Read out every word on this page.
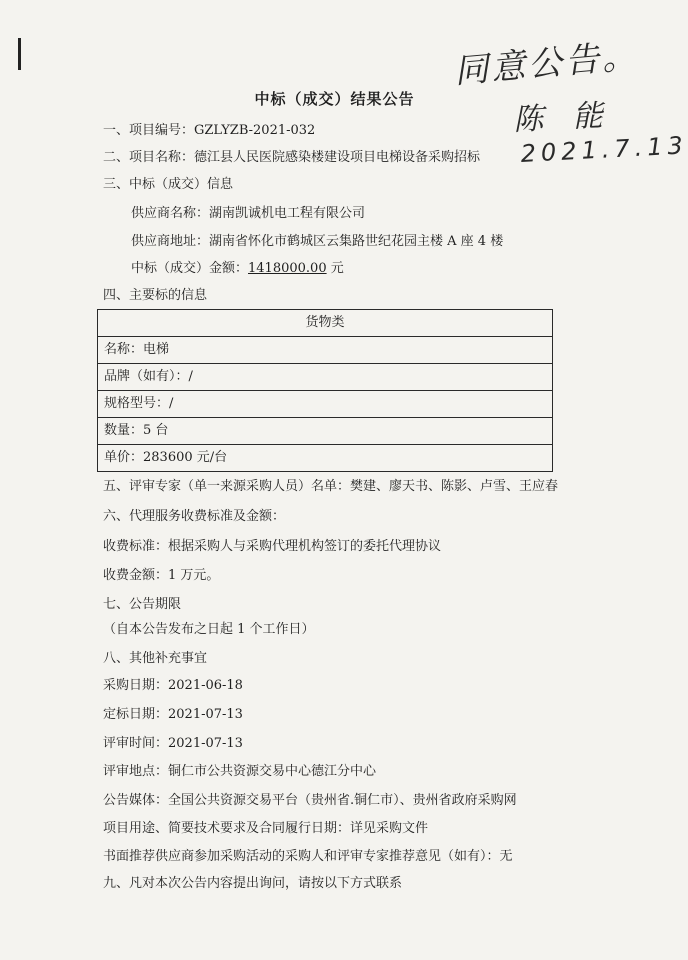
同意公告。
陈 能
2021.7.13
中标（成交）结果公告
一、项目编号：GZLYZB-2021-032
二、项目名称：德江县人民医院感染楼建设项目电梯设备采购招标
三、中标（成交）信息
供应商名称：湖南凯诚机电工程有限公司
供应商地址：湖南省怀化市鹤城区云集路世纪花园主楼 A 座 4 楼
中标（成交）金额：1418000.00 元
四、主要标的信息
货物类
名称：电梯
品牌（如有）：/
规格型号：/
数量：5 台
单价：283600 元/台
五、评审专家（单一来源采购人员）名单：樊建、廖天书、陈影、卢雪、王应春
六、代理服务收费标准及金额：
收费标准：根据采购人与采购代理机构签订的委托代理协议
收费金额：1 万元。
七、公告期限
（自本公告发布之日起 1 个工作日）
八、其他补充事宜
采购日期：2021-06-18
定标日期：2021-07-13
评审时间：2021-07-13
评审地点：铜仁市公共资源交易中心德江分中心
公告媒体：全国公共资源交易平台（贵州省.铜仁市）、贵州省政府采购网
项目用途、简要技术要求及合同履行日期：详见采购文件
书面推荐供应商参加采购活动的采购人和评审专家推荐意见（如有）：无
九、凡对本次公告内容提出询问，请按以下方式联系
